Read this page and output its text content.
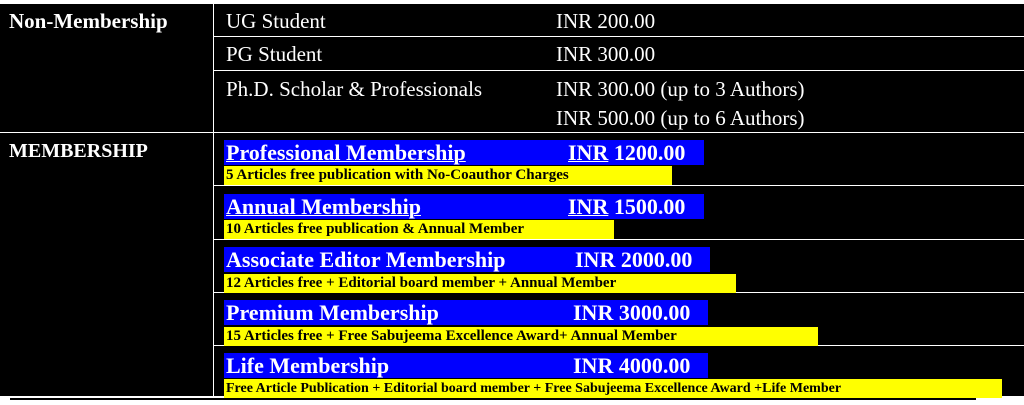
Non-Membership	UG Student	INR 200.00
PG Student	INR 300.00
Ph.D. Scholar & Professionals	INR 300.00 (up to 3 Authors)
INR 500.00 (up to 6 Authors)
MEMBERSHIP	Professional Membership	INR 1200.00
5 Articles free publication with No-Coauthor Charges
Annual Membership	INR 1500.00
10 Articles free publication & Annual Member
Associate Editor Membership	INR 2000.00
12 Articles free + Editorial board member + Annual Member
Premium Membership	INR 3000.00
15 Articles free + Free Sabujeema Excellence Award+ Annual Member
Life Membership	INR 4000.00
Free Article Publication + Editorial board member + Free Sabujeema Excellence Award +Life Member
